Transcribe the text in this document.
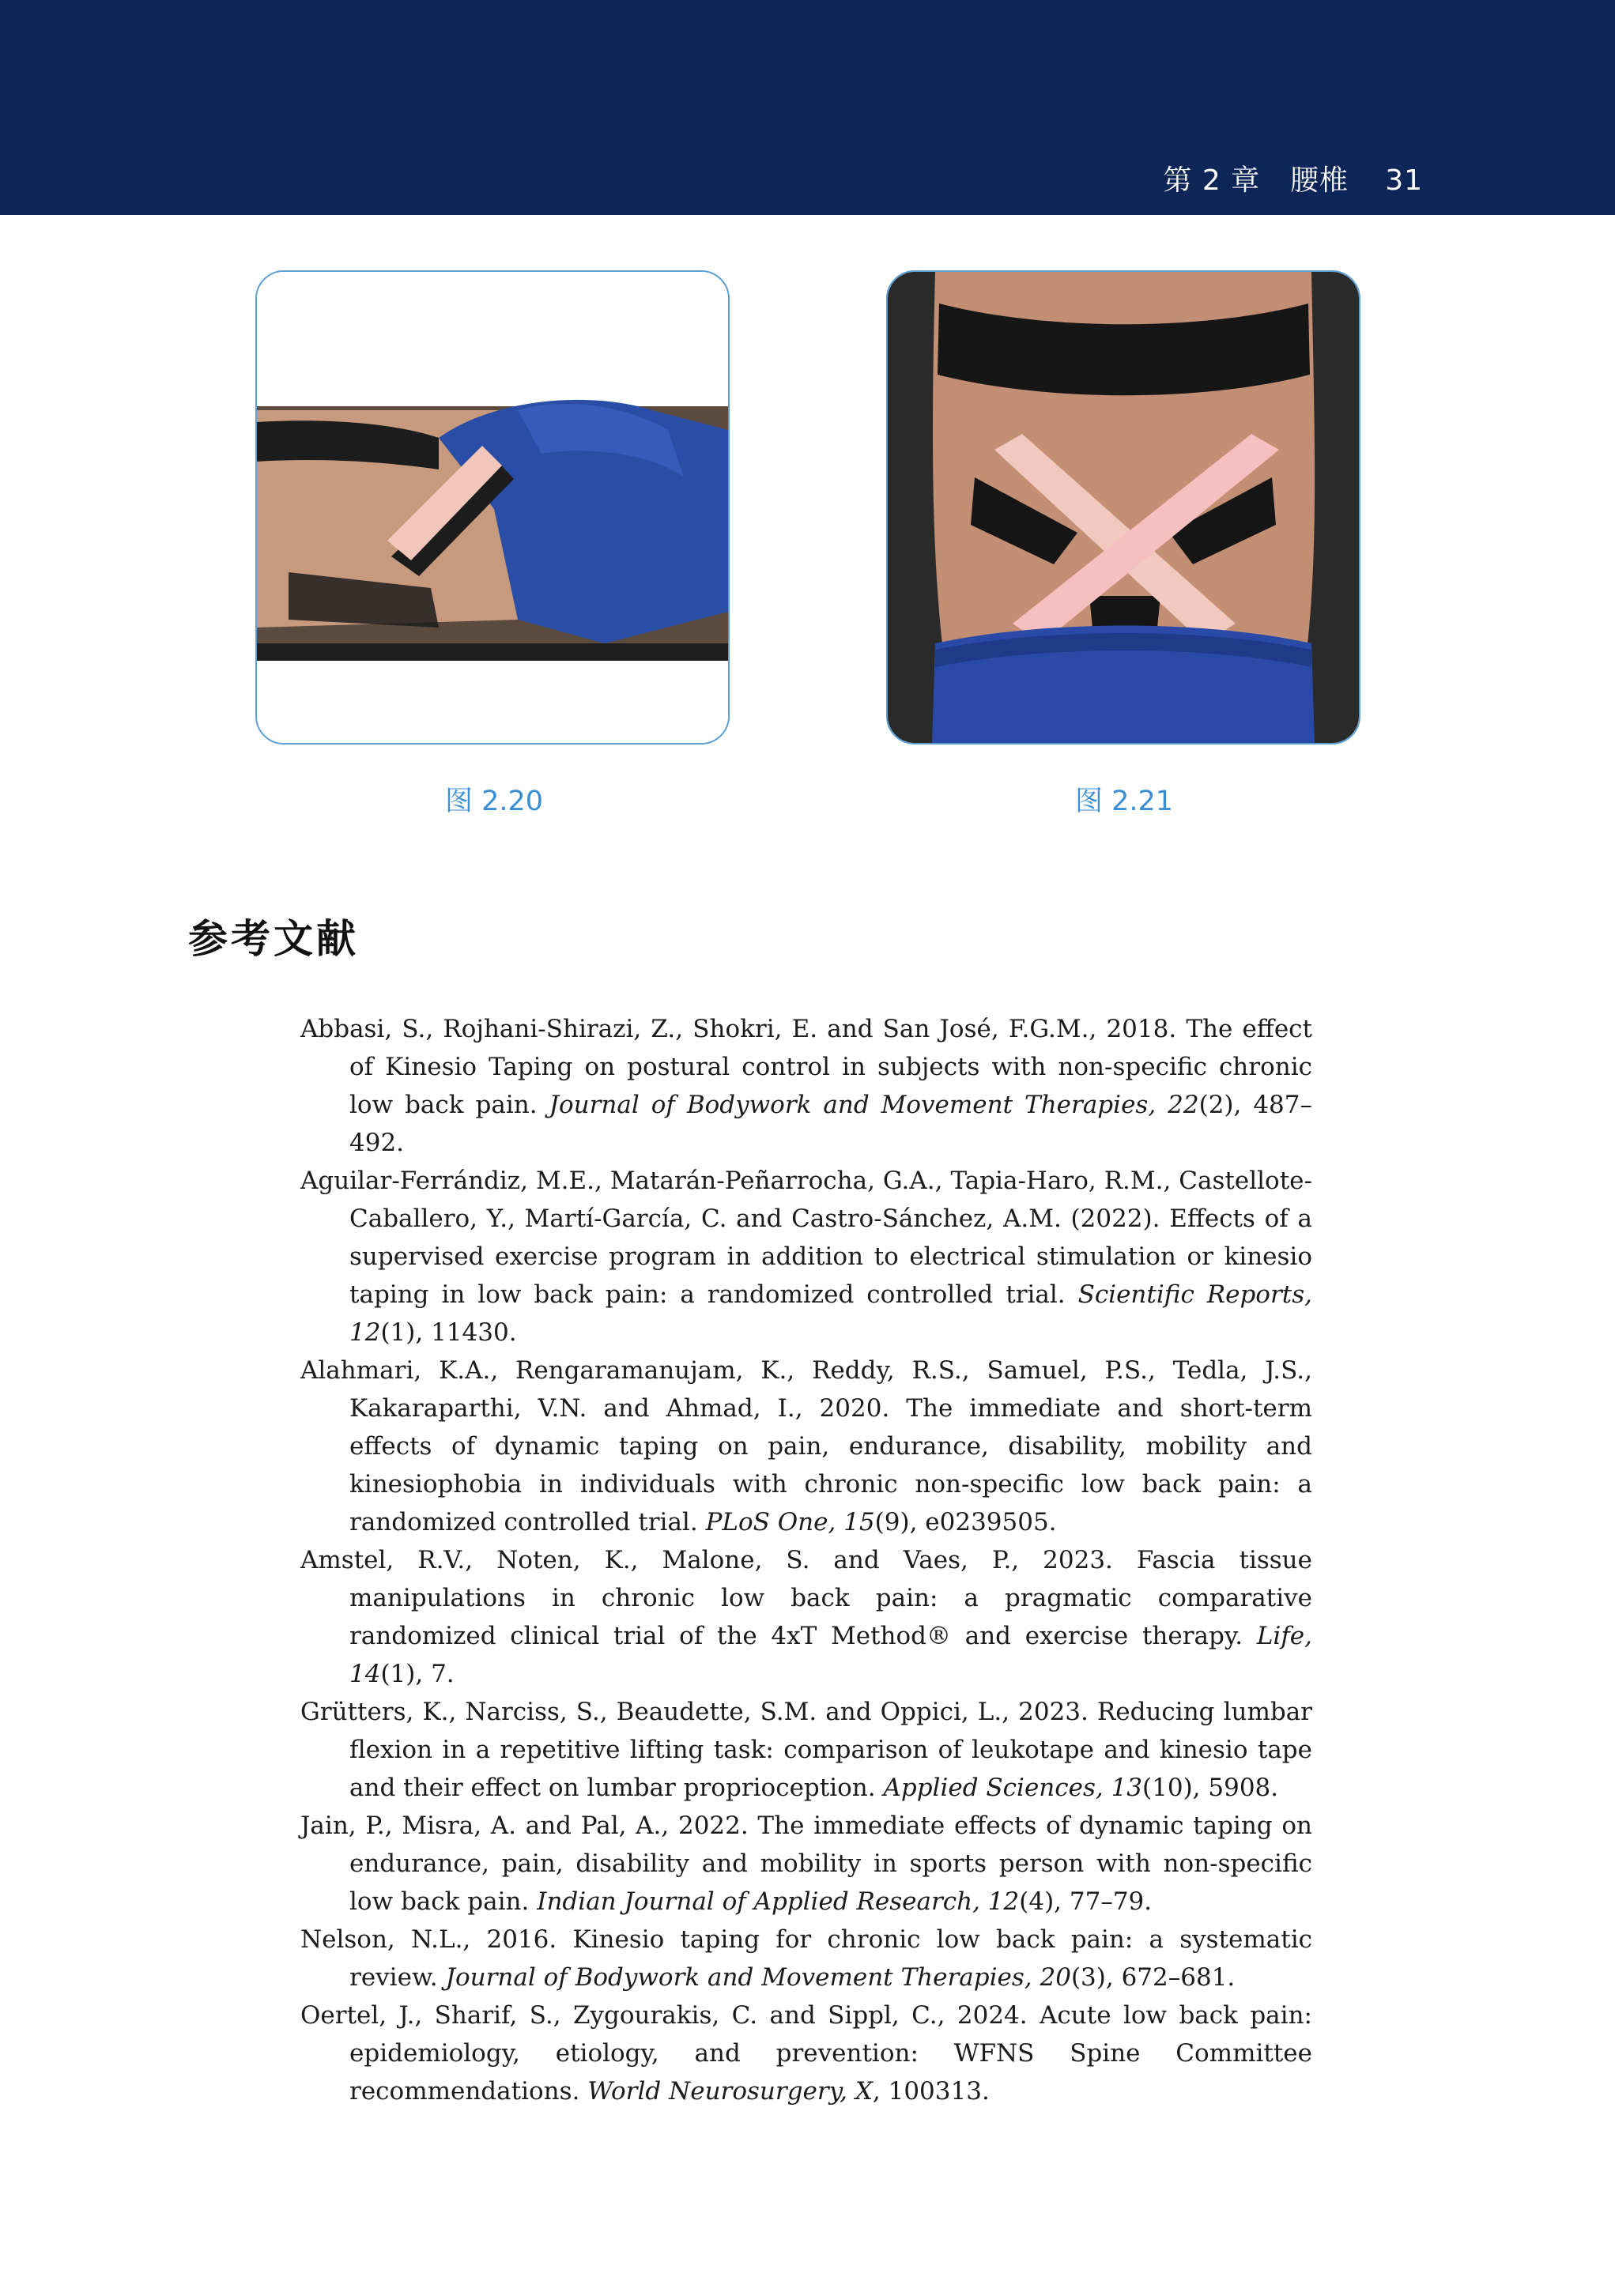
第 2 章 腰椎 31
图 2.20	图 2.21
参考文献
Abbasi, S., Rojhani-Shirazi, Z., Shokri, E. and San José, F.G.M., 2018. The effect of Kinesio Taping on postural control in subjects with non-specific chronic low back pain. Journal of Bodywork and Movement Therapies, 22(2), 487–492.
Aguilar-Ferrándiz, M.E., Matarán-Peñarrocha, G.A., Tapia-Haro, R.M., Castellote-Caballero, Y., Martí-García, C. and Castro-Sánchez, A.M. (2022). Effects of a supervised exercise program in addition to electrical stimulation or kinesio taping in low back pain: a randomized controlled trial. Scientific Reports, 12(1), 11430.
Alahmari, K.A., Rengaramanujam, K., Reddy, R.S., Samuel, P.S., Tedla, J.S., Kakaraparthi, V.N. and Ahmad, I., 2020. The immediate and short-term effects of dynamic taping on pain, endurance, disability, mobility and kinesiophobia in individuals with chronic non-specific low back pain: a randomized controlled trial. PLoS One, 15(9), e0239505.
Amstel, R.V., Noten, K., Malone, S. and Vaes, P., 2023. Fascia tissue manipulations in chronic low back pain: a pragmatic comparative randomized clinical trial of the 4xT Method® and exercise therapy. Life, 14(1), 7.
Grütters, K., Narciss, S., Beaudette, S.M. and Oppici, L., 2023. Reducing lumbar flexion in a repetitive lifting task: comparison of leukotape and kinesio tape and their effect on lumbar proprioception. Applied Sciences, 13(10), 5908.
Jain, P., Misra, A. and Pal, A., 2022. The immediate effects of dynamic taping on endurance, pain, disability and mobility in sports person with non-specific low back pain. Indian Journal of Applied Research, 12(4), 77–79.
Nelson, N.L., 2016. Kinesio taping for chronic low back pain: a systematic review. Journal of Bodywork and Movement Therapies, 20(3), 672–681.
Oertel, J., Sharif, S., Zygourakis, C. and Sippl, C., 2024. Acute low back pain: epidemiology, etiology, and prevention: WFNS Spine Committee recommendations. World Neurosurgery, X, 100313.
